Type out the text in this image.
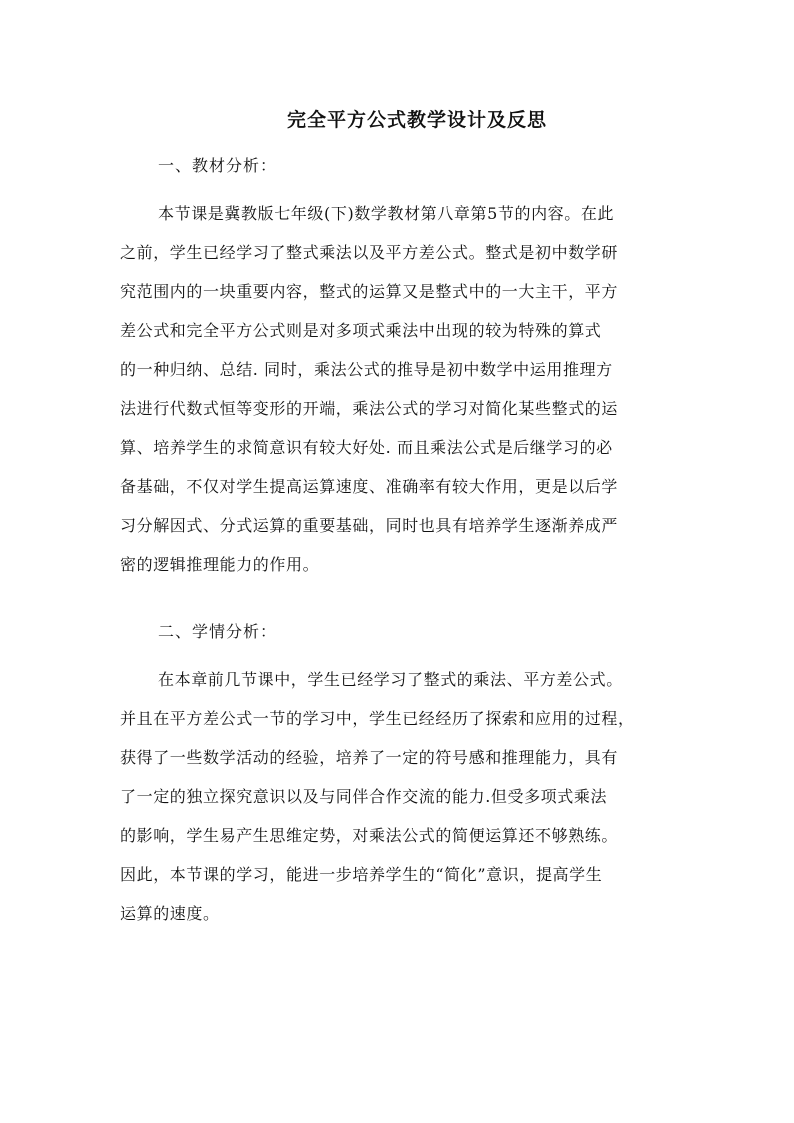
完全平方公式教学设计及反思
一、教材分析：
本节课是冀教版七年级(下)数学教材第八章第5节的内容。在此
之前，学生已经学习了整式乘法以及平方差公式。整式是初中数学研
究范围内的一块重要内容，整式的运算又是整式中的一大主干，平方
差公式和完全平方公式则是对多项式乘法中出现的较为特殊的算式
的一种归纳、总结. 同时，乘法公式的推导是初中数学中运用推理方
法进行代数式恒等变形的开端，乘法公式的学习对简化某些整式的运
算、培养学生的求简意识有较大好处. 而且乘法公式是后继学习的必
备基础，不仅对学生提高运算速度、准确率有较大作用，更是以后学
习分解因式、分式运算的重要基础，同时也具有培养学生逐渐养成严
密的逻辑推理能力的作用。
二、学情分析：
在本章前几节课中，学生已经学习了整式的乘法、平方差公式。
并且在平方差公式一节的学习中，学生已经经历了探索和应用的过程，
获得了一些数学活动的经验，培养了一定的符号感和推理能力，具有
了一定的独立探究意识以及与同伴合作交流的能力.但受多项式乘法
的影响，学生易产生思维定势，对乘法公式的简便运算还不够熟练。
因此，本节课的学习，能进一步培养学生的“简化”意识，提高学生
运算的速度。
